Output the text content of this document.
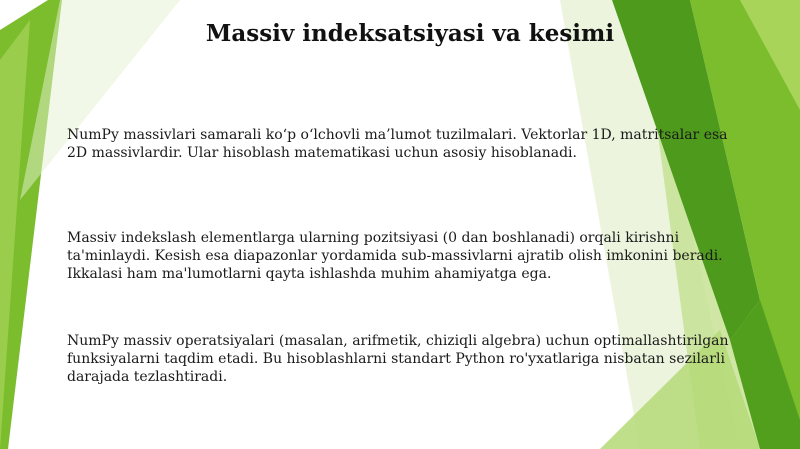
Massiv indeksatsiyasi va kesimi

NumPy massivlari samarali ko‘p o‘lchovli ma’lumot tuzilmalari. Vektorlar 1D, matritsalar esa 2D massivlardir. Ular hisoblash matematikasi uchun asosiy hisoblanadi.

Massiv indekslash elementlarga ularning pozitsiyasi (0 dan boshlanadi) orqali kirishni ta'minlaydi. Kesish esa diapazonlar yordamida sub-massivlarni ajratib olish imkonini beradi. Ikkalasi ham ma'lumotlarni qayta ishlashda muhim ahamiyatga ega.

NumPy massiv operatsiyalari (masalan, arifmetik, chiziqli algebra) uchun optimallashtirilgan funksiyalarni taqdim etadi. Bu hisoblashlarni standart Python ro'yxatlariga nisbatan sezilarli darajada tezlashtiradi.
